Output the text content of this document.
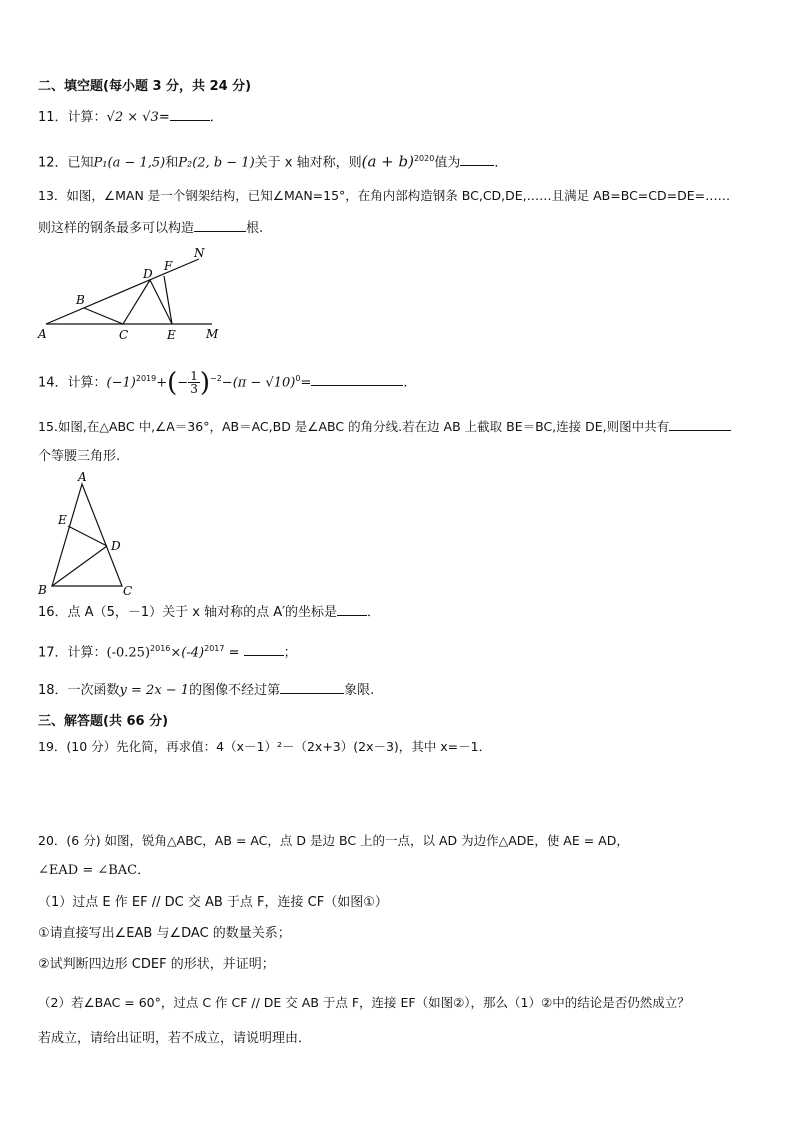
二、填空题(每小题 3 分，共 24 分)
11．计算：√2 × √3=	．
12．已知P₁(a − 1,5)和P₂(2, b − 1)关于 x 轴对称，则$(a + b)^{2020}$值为	．
13．如图，∠MAN 是一个钢架结构，已知∠MAN=15°，在角内部构造钢条 BC,CD,DE,……且满足 AB=BC=CD=DE=……
则这样的钢条最多可以构造	根.
A
B
C
D
E
F
M
N
14．计算：$(-1)^{2019}+(- \frac{1}{3} )^{-2}-(\pi - √10)^0=$	.
15.如图,在△ABC 中,∠A＝36°，AB＝AC,BD 是∠ABC 的角分线.若在边 AB 上截取 BE＝BC,连接 DE,则图中共有
个等腰三角形.
A
B	C
D
E
16．点 A（5，－1）关于 x 轴对称的点 A′的坐标是 ．
17．计算：$(-0.25)^{2016}\times(-4)^{2017}$ =	；
18．一次函数y = 2x − 1的图像不经过第	象限.
三、解答题(共 66 分)
19．(10 分）先化简，再求值：4（x－1）²－（2x+3）(2x－3)，其中 x=－1．
20．(6 分) 如图，锐角△ABC，AB = AC，点 D 是边 BC 上的一点，以 AD 为边作△ADE，使 AE = AD，
∠EAD = ∠BAC．
（1）过点 E 作 EF // DC 交 AB 于点 F，连接 CF（如图①）
①请直接写出∠EAB 与∠DAC 的数量关系；
②试判断四边形 CDEF 的形状，并证明；
（2）若∠BAC = 60°，过点 C 作 CF // DE 交 AB 于点 F，连接 EF（如图②），那么（1）②中的结论是否仍然成立？
若成立，请给出证明，若不成立，请说明理由．
